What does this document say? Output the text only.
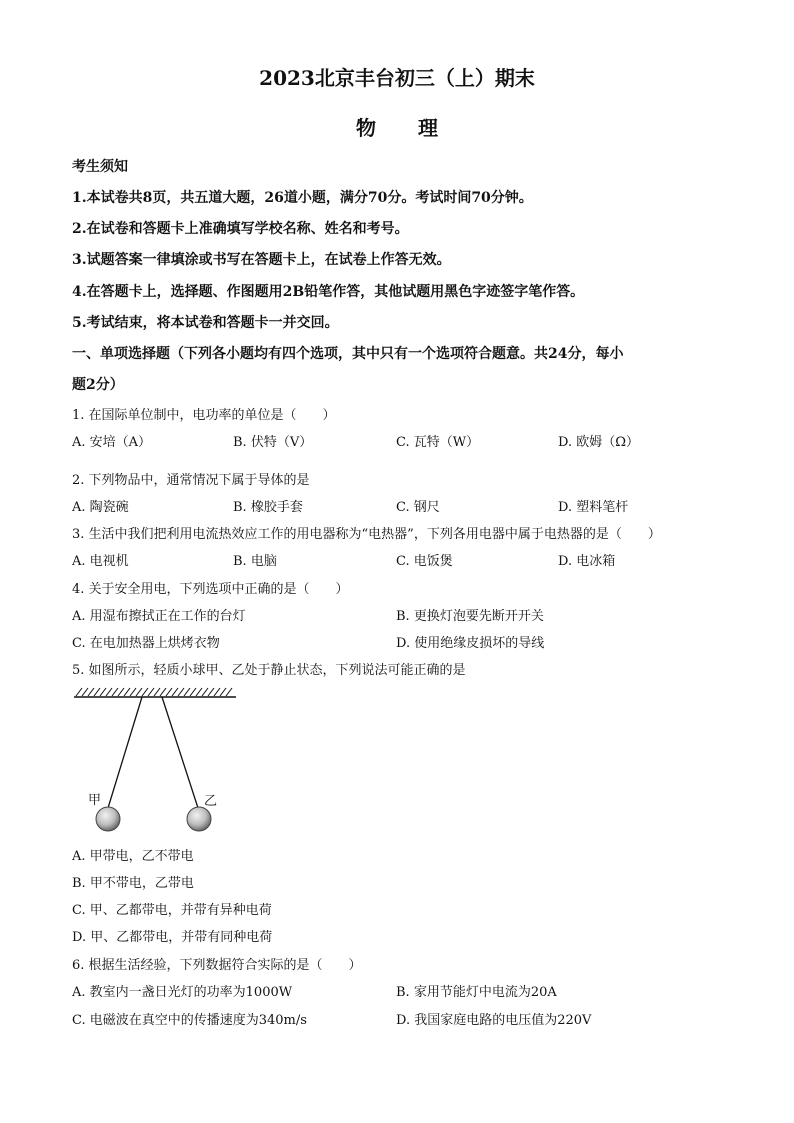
2023北京丰台初三（上）期末
物理
考生须知
1.本试卷共8页，共五道大题，26道小题，满分70分。考试时间70分钟。
2.在试卷和答题卡上准确填写学校名称、姓名和考号。
3.试题答案一律填涂或书写在答题卡上，在试卷上作答无效。
4.在答题卡上，选择题、作图题用2B铅笔作答，其他试题用黑色字迹签字笔作答。
5.考试结束，将本试卷和答题卡一并交回。
一、单项选择题（下列各小题均有四个选项，其中只有一个选项符合题意。共24分，每小
题2分）
1. 在国际单位制中，电功率的单位是（　　）
A. 安培（A）	B. 伏特（V）	C. 瓦特（W）	D. 欧姆（Ω）
2. 下列物品中，通常情况下属于导体的是
A. 陶瓷碗	B. 橡胶手套	C. 钢尺	D. 塑料笔杆
3. 生活中我们把利用电流热效应工作的用电器称为“电热器”，下列各用电器中属于电热器的是（　　）
A. 电视机	B. 电脑	C. 电饭煲	D. 电冰箱
4. 关于安全用电，下列选项中正确的是（　　）
A. 用湿布擦拭正在工作的台灯	B. 更换灯泡要先断开开关
C. 在电加热器上烘烤衣物	D. 使用绝缘皮损坏的导线
5. 如图所示，轻质小球甲、乙处于静止状态，下列说法可能正确的是
甲	乙
A. 甲带电，乙不带电
B. 甲不带电，乙带电
C. 甲、乙都带电，并带有异种电荷
D. 甲、乙都带电，并带有同种电荷
6. 根据生活经验，下列数据符合实际的是（　　）
A. 教室内一盏日光灯的功率为1000W	B. 家用节能灯中电流为20A
C. 电磁波在真空中的传播速度为340m/s	D. 我国家庭电路的电压值为220V
